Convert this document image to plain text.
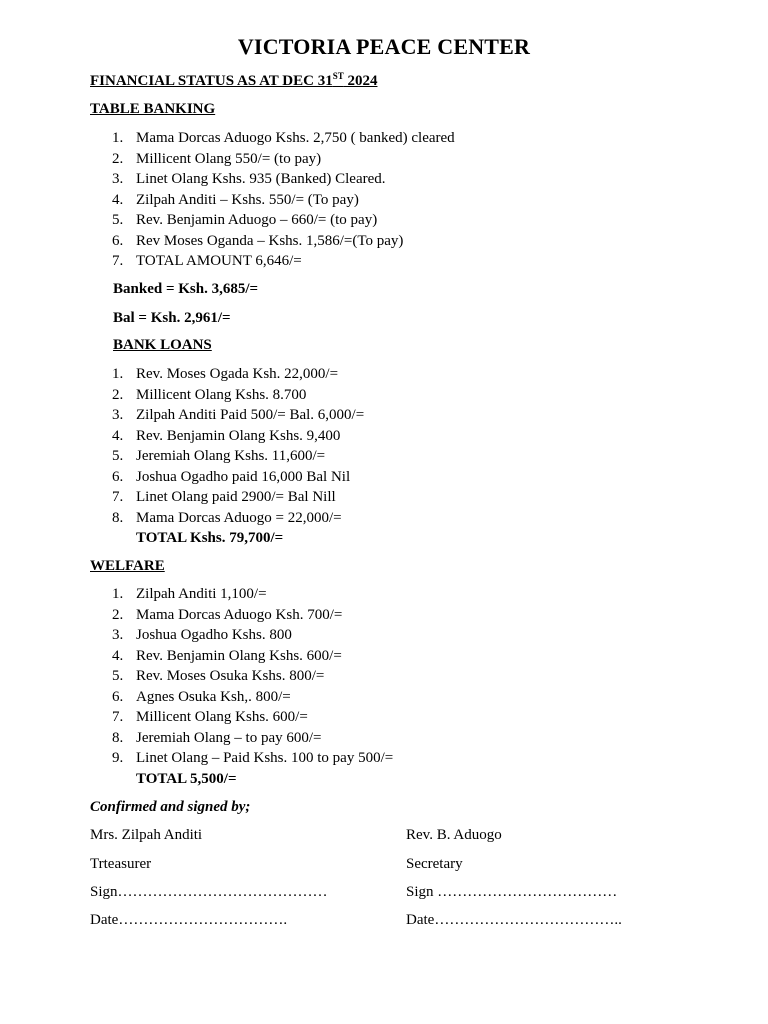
VICTORIA PEACE CENTER
FINANCIAL STATUS AS AT DEC 31ST 2024
TABLE BANKING
1. Mama Dorcas Aduogo Kshs. 2,750 ( banked) cleared
2. Millicent Olang 550/= (to pay)
3. Linet Olang Kshs. 935 (Banked) Cleared.
4. Zilpah Anditi – Kshs. 550/= (To pay)
5. Rev. Benjamin Aduogo – 660/= (to pay)
6. Rev Moses Oganda – Kshs. 1,586/=(To pay)
7. TOTAL AMOUNT 6,646/=
Banked = Ksh. 3,685/=
Bal = Ksh. 2,961/=
BANK LOANS
1. Rev. Moses Ogada Ksh. 22,000/=
2. Millicent Olang Kshs. 8.700
3. Zilpah Anditi Paid 500/= Bal. 6,000/=
4. Rev. Benjamin Olang Kshs. 9,400
5. Jeremiah Olang Kshs. 11,600/=
6. Joshua Ogadho paid 16,000 Bal Nil
7. Linet Olang paid 2900/= Bal Nill
8. Mama Dorcas Aduogo = 22,000/=
TOTAL Kshs. 79,700/=
WELFARE
1. Zilpah Anditi 1,100/=
2. Mama Dorcas Aduogo Ksh. 700/=
3. Joshua Ogadho Kshs. 800
4. Rev. Benjamin Olang Kshs. 600/=
5. Rev. Moses Osuka Kshs. 800/=
6. Agnes Osuka Ksh,. 800/=
7. Millicent Olang Kshs. 600/=
8. Jeremiah Olang – to pay 600/=
9. Linet Olang – Paid Kshs. 100 to pay 500/=
TOTAL 5,500/=
Confirmed and signed by;
Mrs. Zilpah Anditi	Rev. B. Aduogo
Trteasurer	Secretary
Sign……………………………………	Sign ………………………………
Date…………………………….	Date………………………………..
